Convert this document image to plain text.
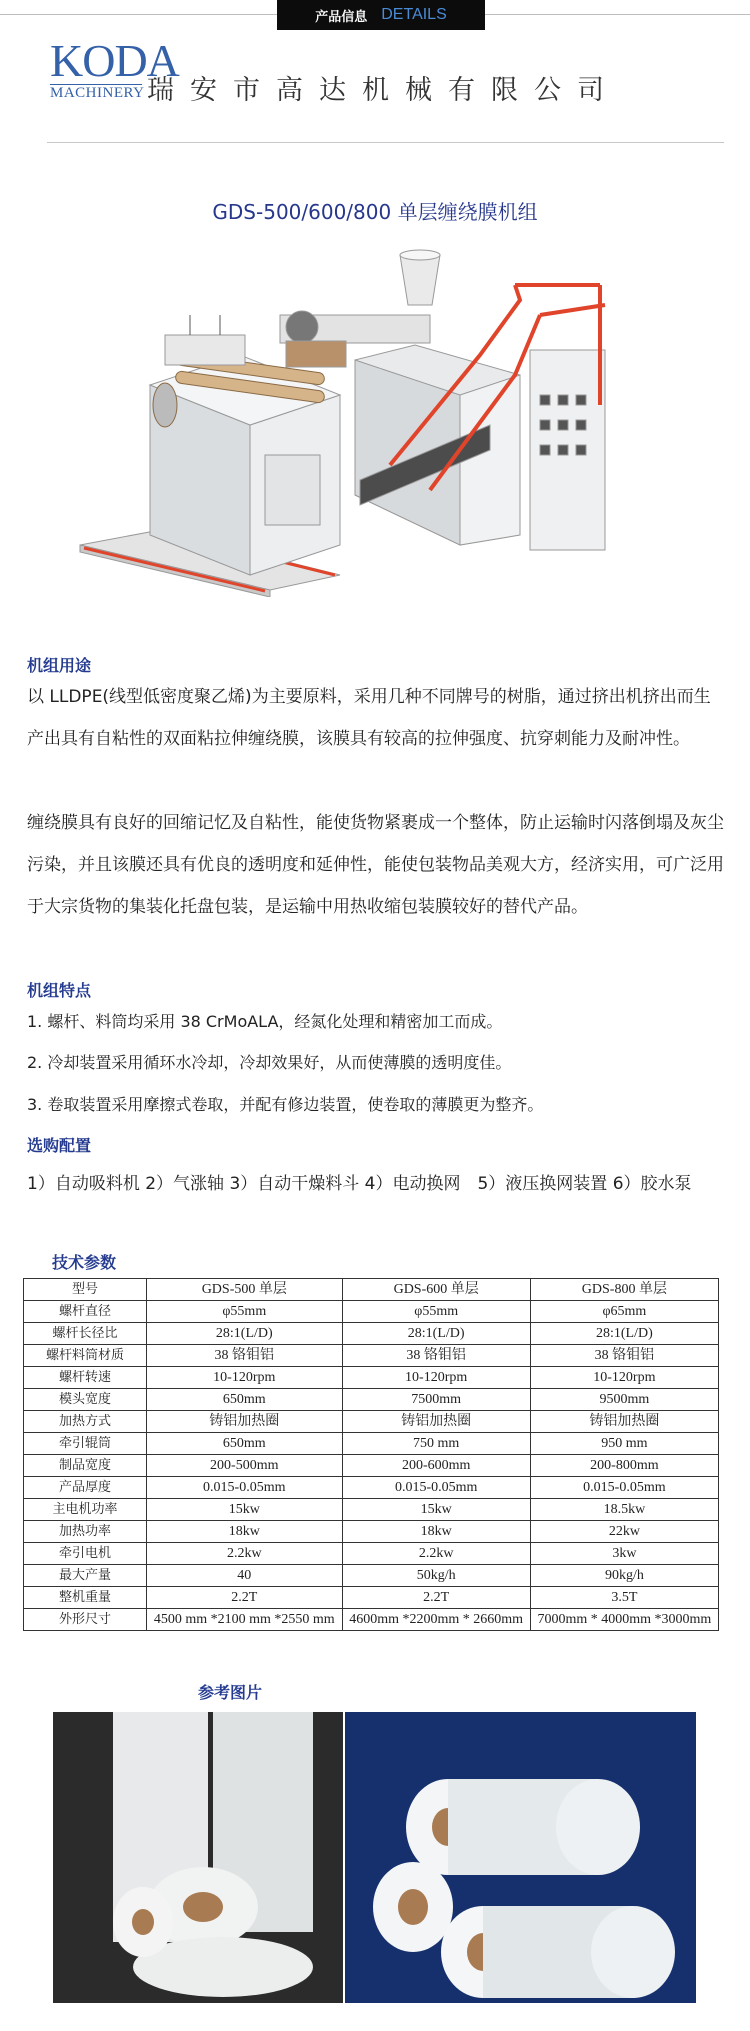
产品信息 DETAILS
KODA
MACHINERY 瑞安市高达机械有限公司
GDS-500/600/800 单层缠绕膜机组
机组用途
以 LLDPE(线型低密度聚乙烯)为主要原料，采用几种不同牌号的树脂，通过挤出机挤出而生产出具有自粘性的双面粘拉伸缠绕膜，该膜具有较高的拉伸强度、抗穿刺能力及耐冲性。
缠绕膜具有良好的回缩记忆及自粘性，能使货物紧裹成一个整体，防止运输时闪落倒塌及灰尘污染，并且该膜还具有优良的透明度和延伸性，能使包装物品美观大方，经济实用，可广泛用于大宗货物的集装化托盘包装，是运输中用热收缩包装膜较好的替代产品。
机组特点
1. 螺杆、料筒均采用 38 CrMoALA，经氮化处理和精密加工而成。
2. 冷却装置采用循环水冷却，冷却效果好，从而使薄膜的透明度佳。
3. 卷取装置采用摩擦式卷取，并配有修边装置，使卷取的薄膜更为整齐。
选购配置
1）自动吸料机 2）气涨轴 3）自动干燥料斗 4）电动换网　5）液压换网装置 6）胶水泵
技术参数
型号	GDS-500 单层	GDS-600 单层	GDS-800 单层
螺杆直径	φ55mm	φ55mm	φ65mm
螺杆长径比	28:1(L/D)	28:1(L/D)	28:1(L/D)
螺杆料筒材质	38 铬钼铝	38 铬钼铝	38 铬钼铝
螺杆转速	10-120rpm	10-120rpm	10-120rpm
模头宽度	650mm	7500mm	9500mm
加热方式	铸铝加热圈	铸铝加热圈	铸铝加热圈
牵引辊筒	650mm	750 mm	950 mm
制品宽度	200-500mm	200-600mm	200-800mm
产品厚度	0.015-0.05mm	0.015-0.05mm	0.015-0.05mm
主电机功率	15kw	15kw	18.5kw
加热功率	18kw	18kw	22kw
牵引电机	2.2kw	2.2kw	3kw
最大产量	40	50kg/h	90kg/h
整机重量	2.2T	2.2T	3.5T
外形尺寸	4500 mm *2100 mm *2550 mm	4600mm *2200mm * 2660mm	7000mm * 4000mm *3000mm
参考图片
